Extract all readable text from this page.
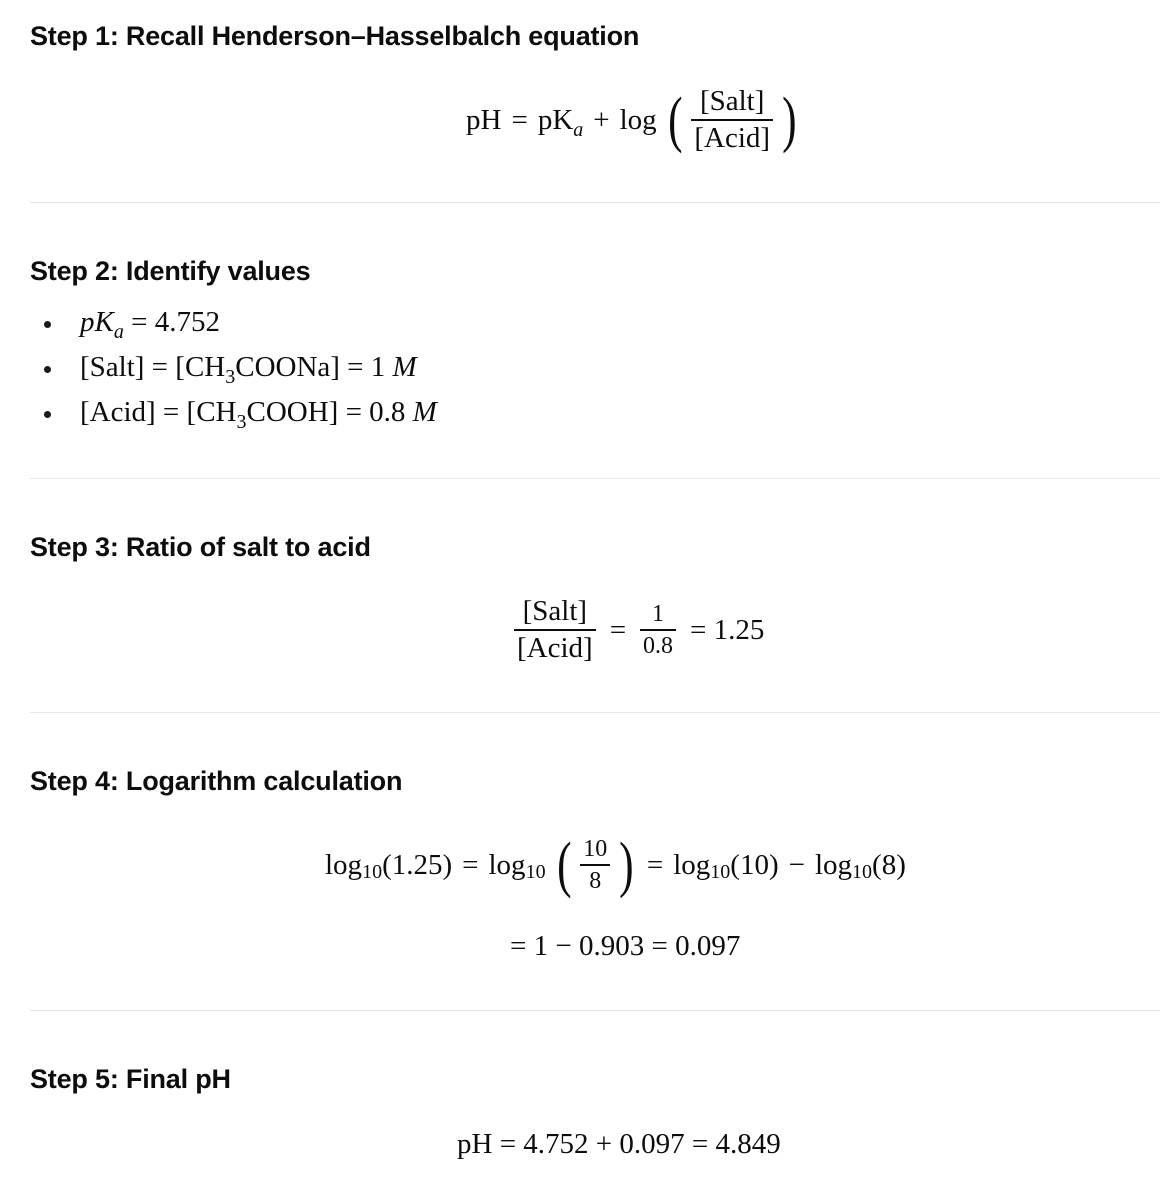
Step 1: Recall Henderson–Hasselbalch equation
pH = $pK_a + \log$ ( $\frac{\text{[Salt]}}{\text{[Acid]}}$ )
Step 2: Identify values
$pK_a = 4.752$
[Salt] = $[CH_3COONa] = 1$ M
[Acid] = $[CH_3COOH] = 0.8$ M
Step 3: Ratio of salt to acid
$\frac{\text{[Salt]}}{\text{[Acid]}} = \frac{1}{0.8} = 1.25$
Step 4: Logarithm calculation
log 10 (1.25) = log 10 ( $\frac{10}{8}$ ) = log 10 (10) − log 10 (8)
= 1 − 0.903 = 0.097
Step 5: Final pH
pH = 4.752 + 0.097 = 4.849
